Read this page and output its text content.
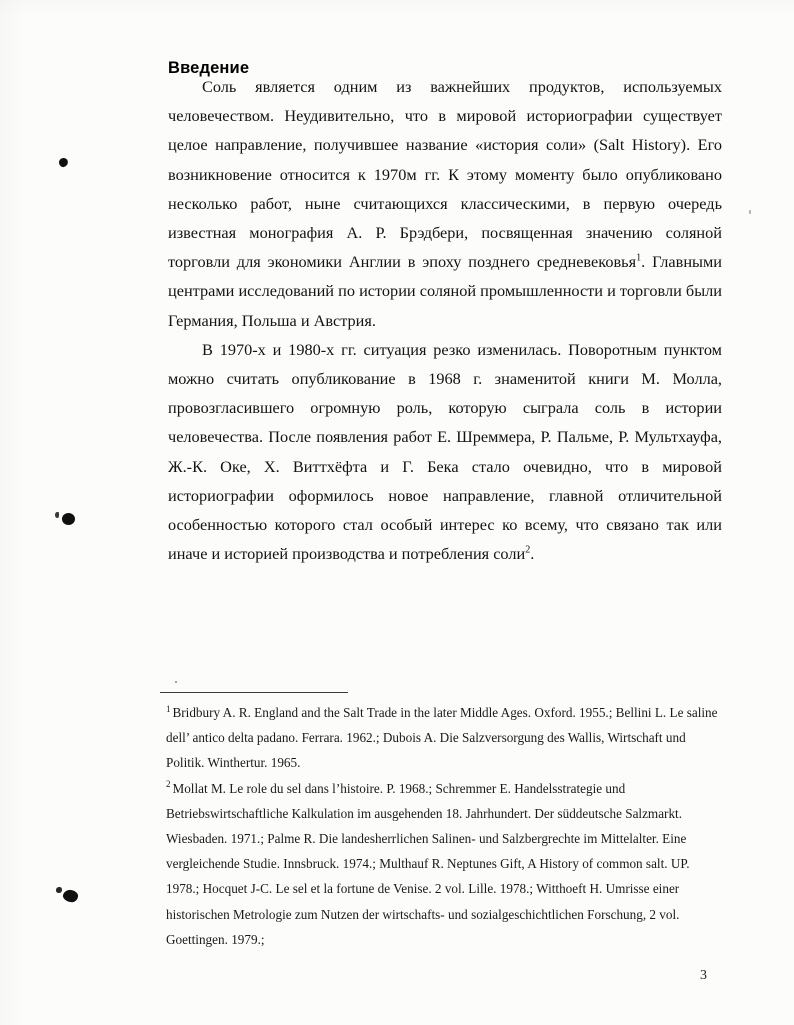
Введение

Соль является одним из важнейших продуктов, используемых человечеством. Неудивительно, что в мировой историографии существует целое направление, получившее название «история соли» (Salt History). Его возникновение относится к 1970м гг. К этому моменту было опубликовано несколько работ, ныне считающихся классическими, в первую очередь известная монография А. Р. Брэдбери, посвященная значению соляной торговли для экономики Англии в эпоху позднего средневековья$^1$. Главными центрами исследований по истории соляной промышленности и торговли были Германия, Польша и Австрия.

В 1970-х и 1980-х гг. ситуация резко изменилась. Поворотным пунктом можно считать опубликование в 1968 г. знаменитой книги М. Молла, провозгласившего огромную роль, которую сыграла соль в истории человечества. После появления работ Е. Шреммера, Р. Пальме, Р. Мультхауфа, Ж.-К. Оке, Х. Виттхёфта и Г. Бека стало очевидно, что в мировой историографии оформилось новое направление, главной отличительной особенностью которого стал особый интерес ко всему, что связано так или иначе и историей производства и потребления соли$^2$.

$^1$ Bridbury A. R. England and the Salt Trade in the later Middle Ages. Oxford. 1955.; Bellini L. Le saline dell’ antico delta padano. Ferrara. 1962.; Dubois A. Die Salzversorgung des Wallis, Wirtschaft und Politik. Winthertur. 1965.

$^2$ Mollat M. Le role du sel dans l’histoire. P. 1968.; Schremmer E. Handelsstrategie und Betriebswirtschaftliche Kalkulation im ausgehenden 18. Jahrhundert. Der süddeutsche Salzmarkt. Wiesbaden. 1971.; Palme R. Die landesherrlichen Salinen- und Salzbergrechte im Mittelalter. Eine vergleichende Studie. Innsbruck. 1974.; Multhauf R. Neptunes Gift, A History of common salt. UP. 1978.; Hocquet J-C. Le sel et la fortune de Venise. 2 vol. Lille. 1978.; Witthoeft H. Umrisse einer historischen Metrologie zum Nutzen der wirtschafts- und sozialgeschichtlichen Forschung, 2 vol. Goettingen. 1979.;

3
